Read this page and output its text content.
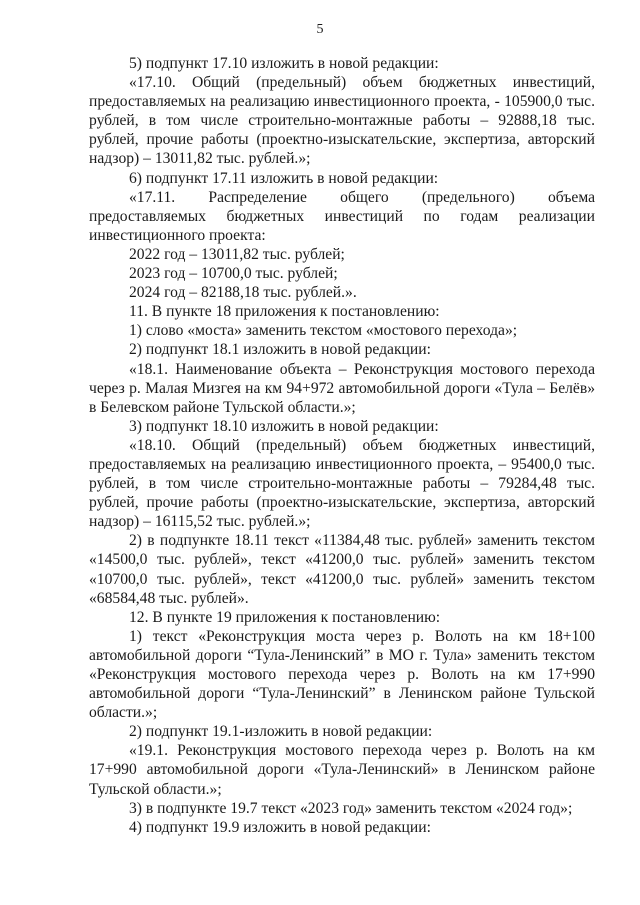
5

5) подпункт 17.10 изложить в новой редакции:

«17.10. Общий (предельный) объем бюджетных инвестиций, предоставляемых на реализацию инвестиционного проекта, - 105900,0 тыс. рублей, в том числе строительно-монтажные работы – 92888,18 тыс. рублей, прочие работы (проектно-изыскательские, экспертиза, авторский надзор) – 13011,82 тыс. рублей.»;

6) подпункт 17.11 изложить в новой редакции:

«17.11. Распределение общего (предельного) объема предоставляемых бюджетных инвестиций по годам реализации инвестиционного проекта:

2022 год – 13011,82 тыс. рублей;

2023 год – 10700,0 тыс. рублей;

2024 год – 82188,18 тыс. рублей.».

11. В пункте 18 приложения к постановлению:

1) слово «моста» заменить текстом «мостового перехода»;

2) подпункт 18.1 изложить в новой редакции:

«18.1. Наименование объекта – Реконструкция мостового перехода через р. Малая Мизгея на км 94+972 автомобильной дороги «Тула – Белёв» в Белевском районе Тульской области.»;

3) подпункт 18.10 изложить в новой редакции:

«18.10. Общий (предельный) объем бюджетных инвестиций, предоставляемых на реализацию инвестиционного проекта, – 95400,0 тыс. рублей, в том числе строительно-монтажные работы – 79284,48 тыс. рублей, прочие работы (проектно-изыскательские, экспертиза, авторский надзор) – 16115,52 тыс. рублей.»;

2) в подпункте 18.11 текст «11384,48 тыс. рублей» заменить текстом «14500,0 тыс. рублей», текст «41200,0 тыс. рублей» заменить текстом «10700,0 тыс. рублей», текст «41200,0 тыс. рублей» заменить текстом «68584,48 тыс. рублей».

12. В пункте 19 приложения к постановлению:

1) текст «Реконструкция моста через р. Волоть на км 18+100 автомобильной дороги “Тула-Ленинский” в МО г. Тула» заменить текстом «Реконструкция мостового перехода через р. Волоть на км 17+990 автомобильной дороги “Тула-Ленинский” в Ленинском районе Тульской области.»;

2) подпункт 19.1-изложить в новой редакции:

«19.1. Реконструкция мостового перехода через р. Волоть на км 17+990 автомобильной дороги «Тула-Ленинский» в Ленинском районе Тульской области.»;

3) в подпункте 19.7 текст «2023 год» заменить текстом «2024 год»;

4) подпункт 19.9 изложить в новой редакции:
